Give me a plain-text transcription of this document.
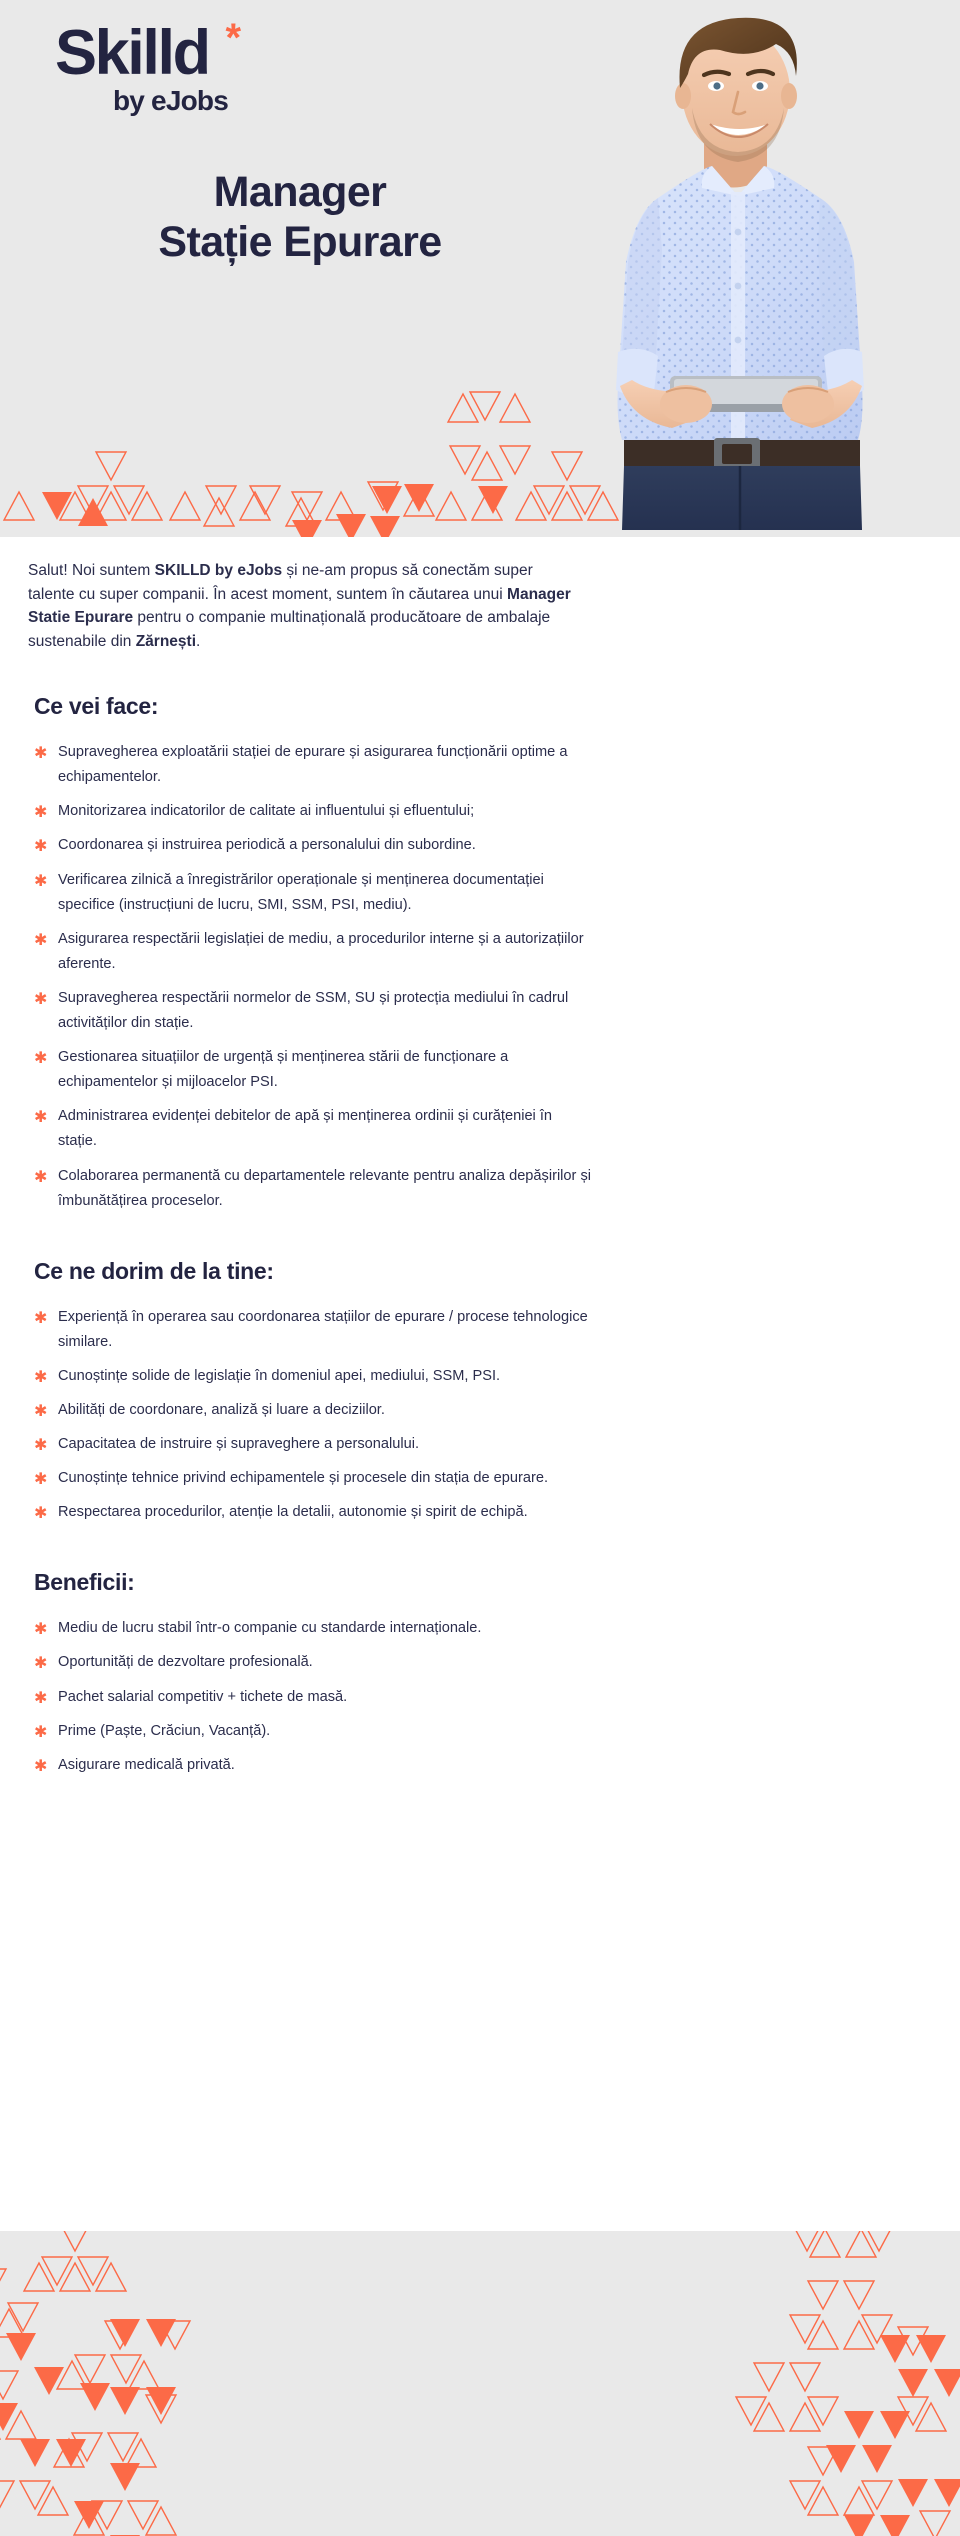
Skilld *
by eJobs
Manager
Stație Epurare

Salut! Noi suntem SKILLD by eJobs și ne-am propus să conectăm super talente cu super companii. În acest moment, suntem în căutarea unui Manager Statie Epurare pentru o companie multinațională producătoare de ambalaje sustenabile din Zărnești.

Ce vei face:
✱ Supravegherea exploatării stației de epurare și asigurarea funcționării optime a echipamentelor.
✱ Monitorizarea indicatorilor de calitate ai influentului și efluentului;
✱ Coordonarea și instruirea periodică a personalului din subordine.
✱ Verificarea zilnică a înregistrărilor operaționale și menținerea documentației specifice (instrucțiuni de lucru, SMI, SSM, PSI, mediu).
✱ Asigurarea respectării legislației de mediu, a procedurilor interne și a autorizațiilor aferente.
✱ Supravegherea respectării normelor de SSM, SU și protecția mediului în cadrul activităților din stație.
✱ Gestionarea situațiilor de urgență și menținerea stării de funcționare a echipamentelor și mijloacelor PSI.
✱ Administrarea evidenței debitelor de apă și menținerea ordinii și curățeniei în stație.
✱ Colaborarea permanentă cu departamentele relevante pentru analiza depășirilor și îmbunătățirea proceselor.
Ce ne dorim de la tine:
✱ Experiență în operarea sau coordonarea stațiilor de epurare / procese tehnologice similare.
✱ Cunoștințe solide de legislație în domeniul apei, mediului, SSM, PSI.
✱ Abilități de coordonare, analiză și luare a deciziilor.
✱ Capacitatea de instruire și supraveghere a personalului.
✱ Cunoștințe tehnice privind echipamentele și procesele din stația de epurare.
✱ Respectarea procedurilor, atenție la detalii, autonomie și spirit de echipă.
Beneficii:
✱ Mediu de lucru stabil într-o companie cu standarde internaționale.
✱ Oportunități de dezvoltare profesională.
✱ Pachet salarial competitiv + tichete de masă.
✱ Prime (Paște, Crăciun, Vacanță).
✱ Asigurare medicală privată.
